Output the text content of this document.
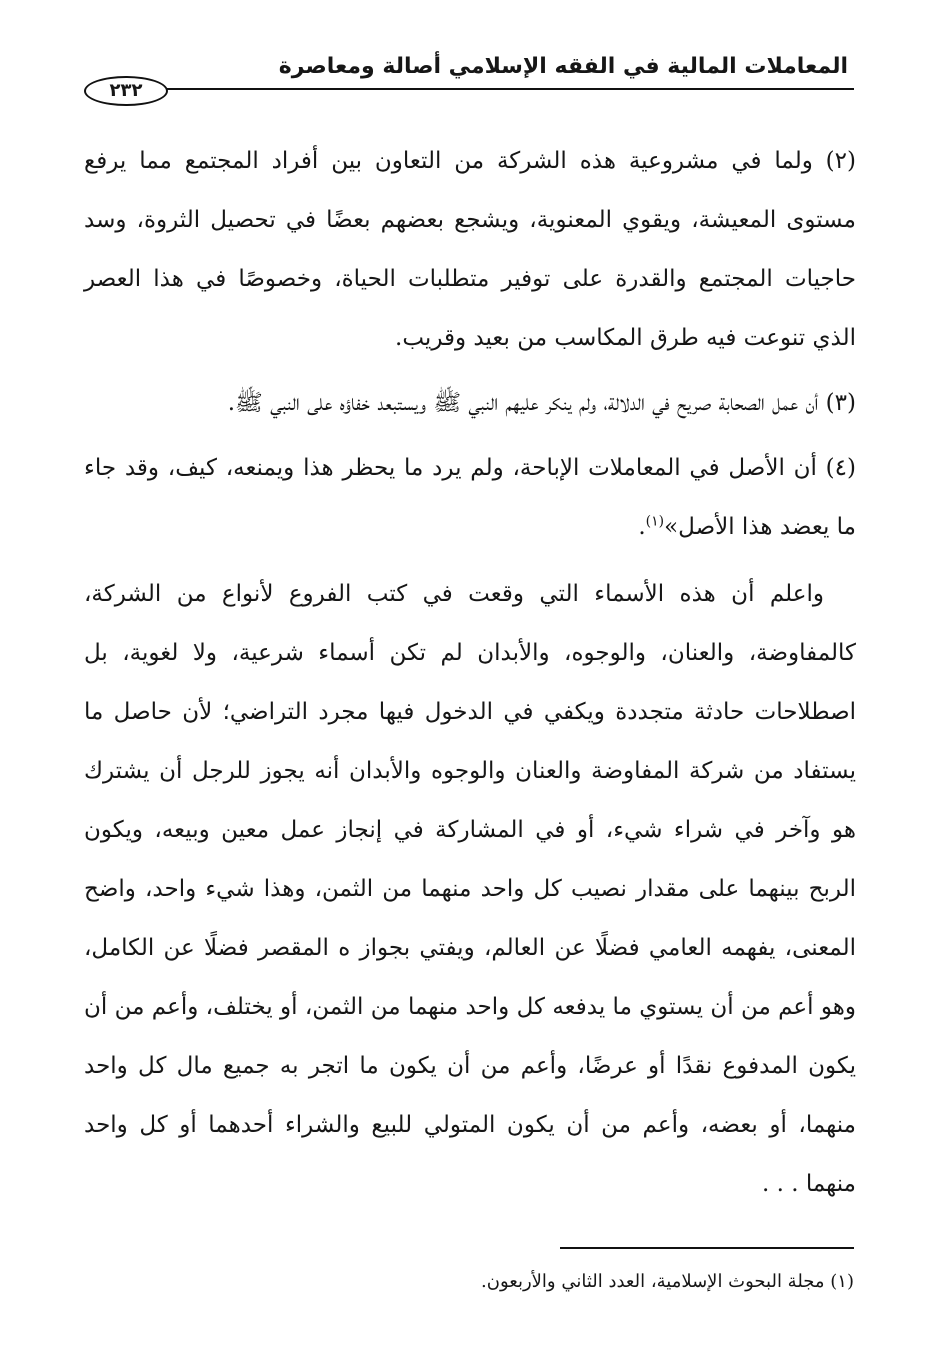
المعاملات المالية في الفقه الإسلامي أصالة ومعاصرة
٢٣٢

(٢) ولما في مشروعية هذه الشركة من التعاون بين أفراد المجتمع مما يرفع مستوى المعيشة، ويقوي المعنوية، ويشجع بعضهم بعضًا في تحصيل الثروة، وسد حاجيات المجتمع والقدرة على توفير متطلبات الحياة، وخصوصًا في هذا العصر الذي تنوعت فيه طرق المكاسب من بعيد وقريب.

(٣) أن عمل الصحابة صريح في الدلالة، ولم ينكر عليهم النبي ﷺ ويستبعد خفاؤه على النبي ﷺ.

(٤) أن الأصل في المعاملات الإباحة، ولم يرد ما يحظر هذا ويمنعه، كيف، وقد جاء ما يعضد هذا الأصل»$^{(١)}$.

واعلم أن هذه الأسماء التي وقعت في كتب الفروع لأنواع من الشركة، كالمفاوضة، والعنان، والوجوه، والأبدان لم تكن أسماء شرعية، ولا لغوية، بل اصطلاحات حادثة متجددة ويكفي في الدخول فيها مجرد التراضي؛ لأن حاصل ما يستفاد من شركة المفاوضة والعنان والوجوه والأبدان أنه يجوز للرجل أن يشترك هو وآخر في شراء شيء، أو في المشاركة في إنجاز عمل معين وبيعه، ويكون الربح بينهما على مقدار نصيب كل واحد منهما من الثمن، وهذا شيء واحد، واضح المعنى، يفهمه العامي فضلًا عن العالم، ويفتي بجواز ه المقصر فضلًا عن الكامل، وهو أعم من أن يستوي ما يدفعه كل واحد منهما من الثمن، أو يختلف، وأعم من أن يكون المدفوع نقدًا أو عرضًا، وأعم من أن يكون ما اتجر به جميع مال كل واحد منهما، أو بعضه، وأعم من أن يكون المتولي للبيع والشراء أحدهما أو كل واحد منهما . . .

(١) مجلة البحوث الإسلامية، العدد الثاني والأربعون.
